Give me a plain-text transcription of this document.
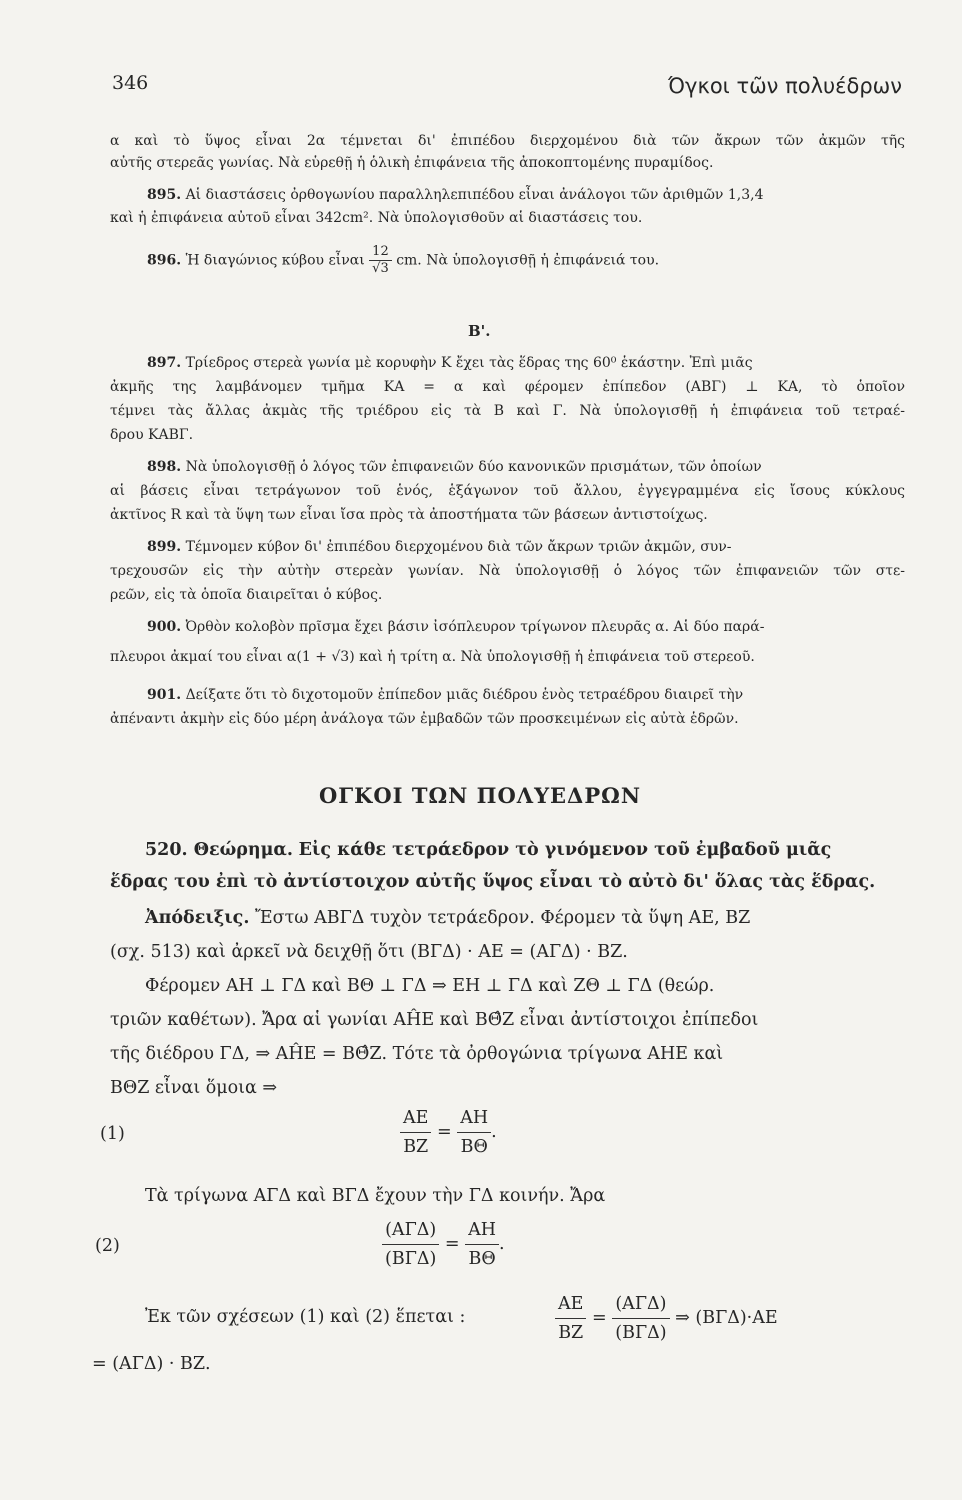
346	Όγκοι τῶν πολυέδρων
α καὶ τὸ ὕψος εἶναι 2α τέμνεται δι' ἐπιπέδου διερχομένου διὰ τῶν ἄκρων τῶν ἀκμῶν τῆς
αὐτῆς στερεᾶς γωνίας. Νὰ εὑρεθῇ ἡ ὁλικὴ ἐπιφάνεια τῆς ἀποκοπτομένης πυραμίδος.
895. Αἱ διαστάσεις ὀρθογωνίου παραλληλεπιπέδου εἶναι ἀνάλογοι τῶν ἀριθμῶν 1,3,4
καὶ ἡ ἐπιφάνεια αὐτοῦ εἶναι 342cm². Νὰ ὑπολογισθοῦν αἱ διαστάσεις του.
896. Ἡ διαγώνιος κύβου εἶναι $\frac{12}{√3}$ cm. Νὰ ὑπολογισθῇ ἡ ἐπιφάνειά του.
Β'.
897. Τρίεδρος στερεὰ γωνία μὲ κορυφὴν Κ ἔχει τὰς ἕδρας της 60⁰ ἑκάστην. Ἐπὶ μιᾶς
ἀκμῆς της λαμβάνομεν τμῆμα ΚΑ = α καὶ φέρομεν ἐπίπεδον (ΑΒΓ) ⊥ ΚΑ, τὸ ὁποῖον
τέμνει τὰς ἄλλας ἀκμὰς τῆς τριέδρου εἰς τὰ Β καὶ Γ. Νὰ ὑπολογισθῇ ἡ ἐπιφάνεια τοῦ τετραέ-
δρου ΚΑΒΓ.
898. Νὰ ὑπολογισθῇ ὁ λόγος τῶν ἐπιφανειῶν δύο κανονικῶν πρισμάτων, τῶν ὁποίων
αἱ βάσεις εἶναι τετράγωνον τοῦ ἑνός, ἑξάγωνον τοῦ ἄλλου, ἐγγεγραμμένα εἰς ἴσους κύκλους
ἀκτῖνος R καὶ τὰ ὕψη των εἶναι ἴσα πρὸς τὰ ἀποστήματα τῶν βάσεων ἀντιστοίχως.
899. Τέμνομεν κύβον δι' ἐπιπέδου διερχομένου διὰ τῶν ἄκρων τριῶν ἀκμῶν, συν-
τρεχουσῶν εἰς τὴν αὐτὴν στερεὰν γωνίαν. Νὰ ὑπολογισθῇ ὁ λόγος τῶν ἐπιφανειῶν τῶν στε-
ρεῶν, εἰς τὰ ὁποῖα διαιρεῖται ὁ κύβος.
900. Ὀρθὸν κολοβὸν πρῖσμα ἔχει βάσιν ἰσόπλευρον τρίγωνον πλευρᾶς α. Αἱ δύο παρά-
πλευροι ἀκμαί του εἶναι α(1 + √3) καὶ ἡ τρίτη α. Νὰ ὑπολογισθῇ ἡ ἐπιφάνεια τοῦ στερεοῦ.
901. Δείξατε ὅτι τὸ διχοτομοῦν ἐπίπεδον μιᾶς διέδρου ἑνὸς τετραέδρου διαιρεῖ τὴν
ἀπέναντι ἀκμὴν εἰς δύο μέρη ἀνάλογα τῶν ἐμβαδῶν τῶν προσκειμένων εἰς αὐτὰ ἑδρῶν.
ΟΓΚΟΙ ΤΩΝ ΠΟΛΥΕΔΡΩΝ
520. Θεώρημα. Εἰς κάθε τετράεδρον τὸ γινόμενον τοῦ ἐμβαδοῦ μιᾶς
ἕδρας του ἐπὶ τὸ ἀντίστοιχον αὐτῆς ὕψος εἶναι τὸ αὐτὸ δι' ὅλας τὰς ἕδρας.
Ἀπόδειξις. Ἔστω ΑΒΓΔ τυχὸν τετράεδρον. Φέρομεν τὰ ὕψη ΑΕ, ΒΖ
(σχ. 513) καὶ ἀρκεῖ νὰ δειχθῇ ὅτι (ΒΓΔ) · ΑΕ = (ΑΓΔ) · ΒΖ.
Φέρομεν ΑΗ ⊥ ΓΔ καὶ ΒΘ ⊥ ΓΔ ⇒ ΕΗ ⊥ ΓΔ καὶ ΖΘ ⊥ ΓΔ (θεώρ.
τριῶν καθέτων). Ἄρα αἱ γωνίαι ΑĤΕ καὶ ΒΘ̂Ζ εἶναι ἀντίστοιχοι ἐπίπεδοι
τῆς διέδρου ΓΔ, ⇒ ΑĤΕ = ΒΘ̂Ζ. Τότε τὰ ὀρθογώνια τρίγωνα ΑΗΕ καὶ
ΒΘΖ εἶναι ὅμοια ⇒
(1)	$\frac{AE}{BZ} = \frac{AH}{B\Theta}$ .
Τὰ τρίγωνα ΑΓΔ καὶ ΒΓΔ ἔχουν τὴν ΓΔ κοινήν. Ἄρα
(2)	$\frac{\text{(ΑΓΔ)}}{\text{(ΒΓΔ)}} = \frac{AH}{B\Theta}$ .
Ἐκ τῶν σχέσεων (1) καὶ (2) ἕπεται :	$\frac{AE}{BZ} = \frac{\text{(ΑΓΔ)}}{\text{(ΒΓΔ)}}$ ⇒ (ΒΓΔ)·ΑΕ
= (ΑΓΔ) · ΒΖ.
